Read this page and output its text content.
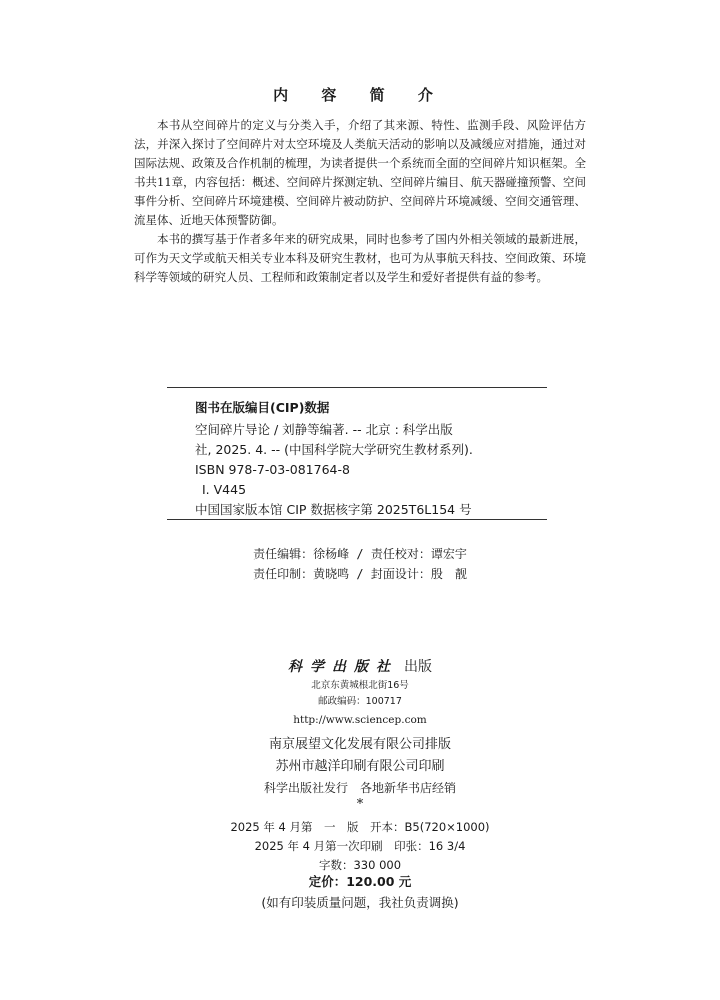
内 容 简 介

本书从空间碎片的定义与分类入手，介绍了其来源、特性、监测手段、风险评估方法，并深入探讨了空间碎片对太空环境及人类航天活动的影响以及减缓应对措施，通过对国际法规、政策及合作机制的梳理，为读者提供一个系统而全面的空间碎片知识框架。全书共11章，内容包括：概述、空间碎片探测定轨、空间碎片编目、航天器碰撞预警、空间事件分析、空间碎片环境建模、空间碎片被动防护、空间碎片环境减缓、空间交通管理、流星体、近地天体预警防御。

本书的撰写基于作者多年来的研究成果，同时也参考了国内外相关领域的最新进展，可作为天文学或航天相关专业本科及研究生教材，也可为从事航天科技、空间政策、环境科学等领域的研究人员、工程师和政策制定者以及学生和爱好者提供有益的参考。

图书在版编目(CIP)数据
空间碎片导论 / 刘静等编著. -- 北京 : 科学出版
社, 2025. 4. -- (中国科学院大学研究生教材系列).
ISBN 978-7-03-081764-8
Ⅰ. V445
中国国家版本馆 CIP 数据核字第 2025T6L154 号
责任编辑：徐杨峰 / 责任校对：谭宏宇
责任印制：黄晓鸣 / 封面设计：殷　靓
科学出版社 出版
北京东黄城根北街16号
邮政编码：100717
http://www.sciencep.com
南京展望文化发展有限公司排版
苏州市越洋印刷有限公司印刷
科学出版社发行　各地新华书店经销
*
2025 年 4 月第　一　版　开本：B5(720×1000)
2025 年 4 月第一次印刷　印张：16 3/4
字数：330 000
定价：120.00 元
(如有印装质量问题，我社负责调换)
